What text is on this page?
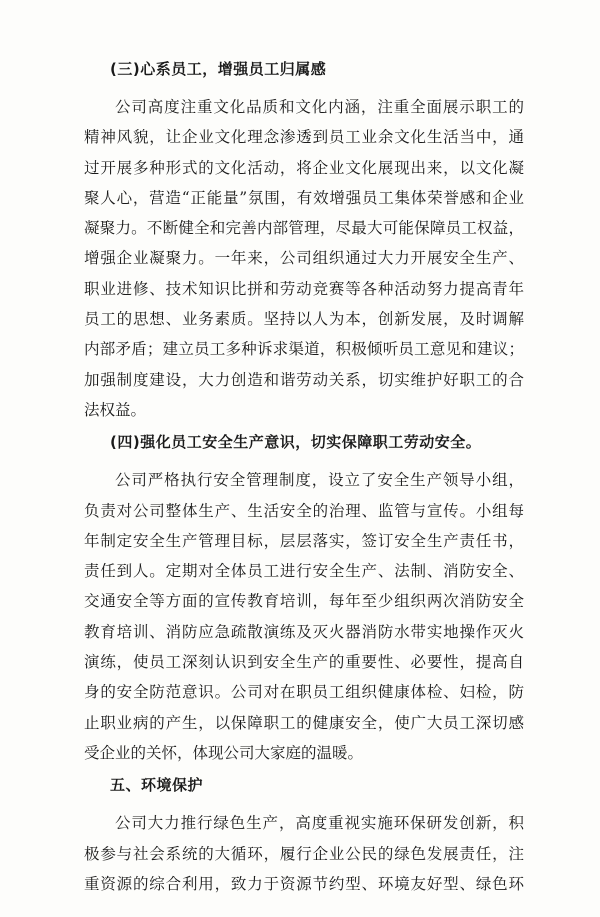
(三)心系员工，增强员工归属感
公司高度注重文化品质和文化内涵，注重全面展示职工的
精神风貌，让企业文化理念渗透到员工业余文化生活当中，通
过开展多种形式的文化活动，将企业文化展现出来，以文化凝
聚人心，营造“正能量”氛围，有效增强员工集体荣誉感和企业
凝聚力。不断健全和完善内部管理，尽最大可能保障员工权益，
增强企业凝聚力。一年来，公司组织通过大力开展安全生产、
职业进修、技术知识比拼和劳动竞赛等各种活动努力提高青年
员工的思想、业务素质。坚持以人为本，创新发展，及时调解
内部矛盾；建立员工多种诉求渠道，积极倾听员工意见和建议；
加强制度建设，大力创造和谐劳动关系，切实维护好职工的合
法权益。
(四)强化员工安全生产意识，切实保障职工劳动安全。
公司严格执行安全管理制度，设立了安全生产领导小组，
负责对公司整体生产、生活安全的治理、监管与宣传。小组每
年制定安全生产管理目标，层层落实，签订安全生产责任书，
责任到人。定期对全体员工进行安全生产、法制、消防安全、
交通安全等方面的宣传教育培训，每年至少组织两次消防安全
教育培训、消防应急疏散演练及灭火器消防水带实地操作灭火
演练，使员工深刻认识到安全生产的重要性、必要性，提高自
身的安全防范意识。公司对在职员工组织健康体检、妇检，防
止职业病的产生，以保障职工的健康安全，使广大员工深切感
受企业的关怀，体现公司大家庭的温暖。
五、环境保护
公司大力推行绿色生产，高度重视实施环保研发创新，积
极参与社会系统的大循环，履行企业公民的绿色发展责任，注
重资源的综合利用，致力于资源节约型、环境友好型、绿色环
